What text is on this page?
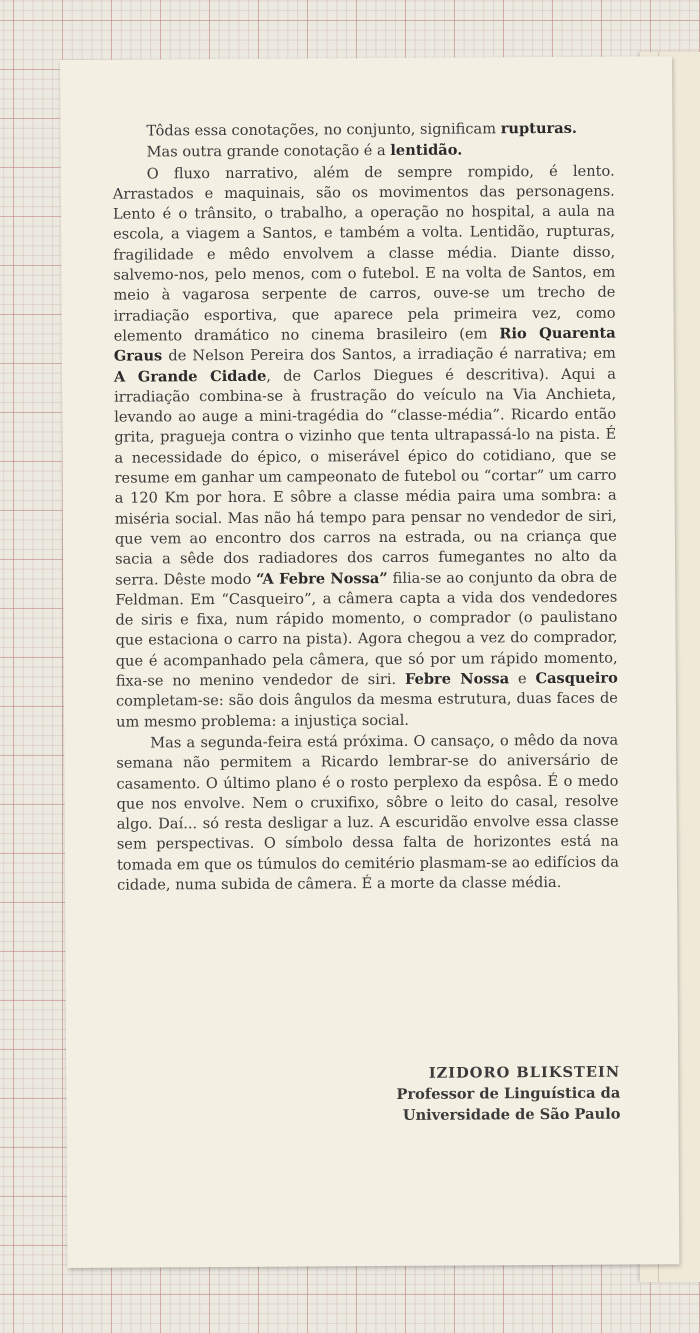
Tôdas essa conotações, no conjunto, significam rupturas.

Mas outra grande conotação é a lentidão.

O fluxo narrativo, além de sempre rompido, é lento. Arrastados e maquinais, são os movimentos das personagens. Lento é o trânsito, o trabalho, a operação no hospital, a aula na escola, a viagem a Santos, e também a volta. Lentidão, rupturas, fragilidade e mêdo envolvem a classe média. Diante disso, salvemo-nos, pelo menos, com o futebol. E na volta de Santos, em meio à vagarosa serpente de carros, ouve-se um trecho de irradiação esportiva, que aparece pela primeira vez, como elemento dramático no cinema brasileiro (em Rio Quarenta Graus de Nelson Pereira dos Santos, a irradiação é narrativa; em A Grande Cidade, de Carlos Diegues é descritiva). Aqui a irradiação combina-se à frustração do veículo na Via Anchieta, levando ao auge a mini-tragédia do “classe-média”. Ricardo então grita, pragueja contra o vizinho que tenta ultrapassá-lo na pista. É a necessidade do épico, o miserável épico do cotidiano, que se resume em ganhar um campeonato de futebol ou “cortar” um carro a 120 Km por hora. E sôbre a classe média paira uma sombra: a miséria social. Mas não há tempo para pensar no vendedor de siri, que vem ao encontro dos carros na estrada, ou na criança que sacia a sêde dos radiadores dos carros fumegantes no alto da serra. Dêste modo “A Febre Nossa” filia-se ao conjunto da obra de Feldman. Em “Casqueiro”, a câmera capta a vida dos vendedores de siris e fixa, num rápido momento, o comprador (o paulistano que estaciona o carro na pista). Agora chegou a vez do comprador, que é acompanhado pela câmera, que só por um rápido momento, fixa-se no menino vendedor de siri. Febre Nossa e Casqueiro completam-se: são dois ângulos da mesma estrutura, duas faces de um mesmo problema: a injustiça social.

Mas a segunda-feira está próxima. O cansaço, o mêdo da nova semana não permitem a Ricardo lembrar-se do aniversário de casamento. O último plano é o rosto perplexo da espôsa. É o medo que nos envolve. Nem o cruxifixo, sôbre o leito do casal, resolve algo. Daí... só resta desligar a luz. A escuridão envolve essa classe sem perspectivas. O símbolo dessa falta de horizontes está na tomada em que os túmulos do cemitério plasmam-se ao edifícios da cidade, numa subida de câmera. É a morte da classe média.

IZIDORO BLIKSTEIN
Professor de Linguística da
Universidade de São Paulo
